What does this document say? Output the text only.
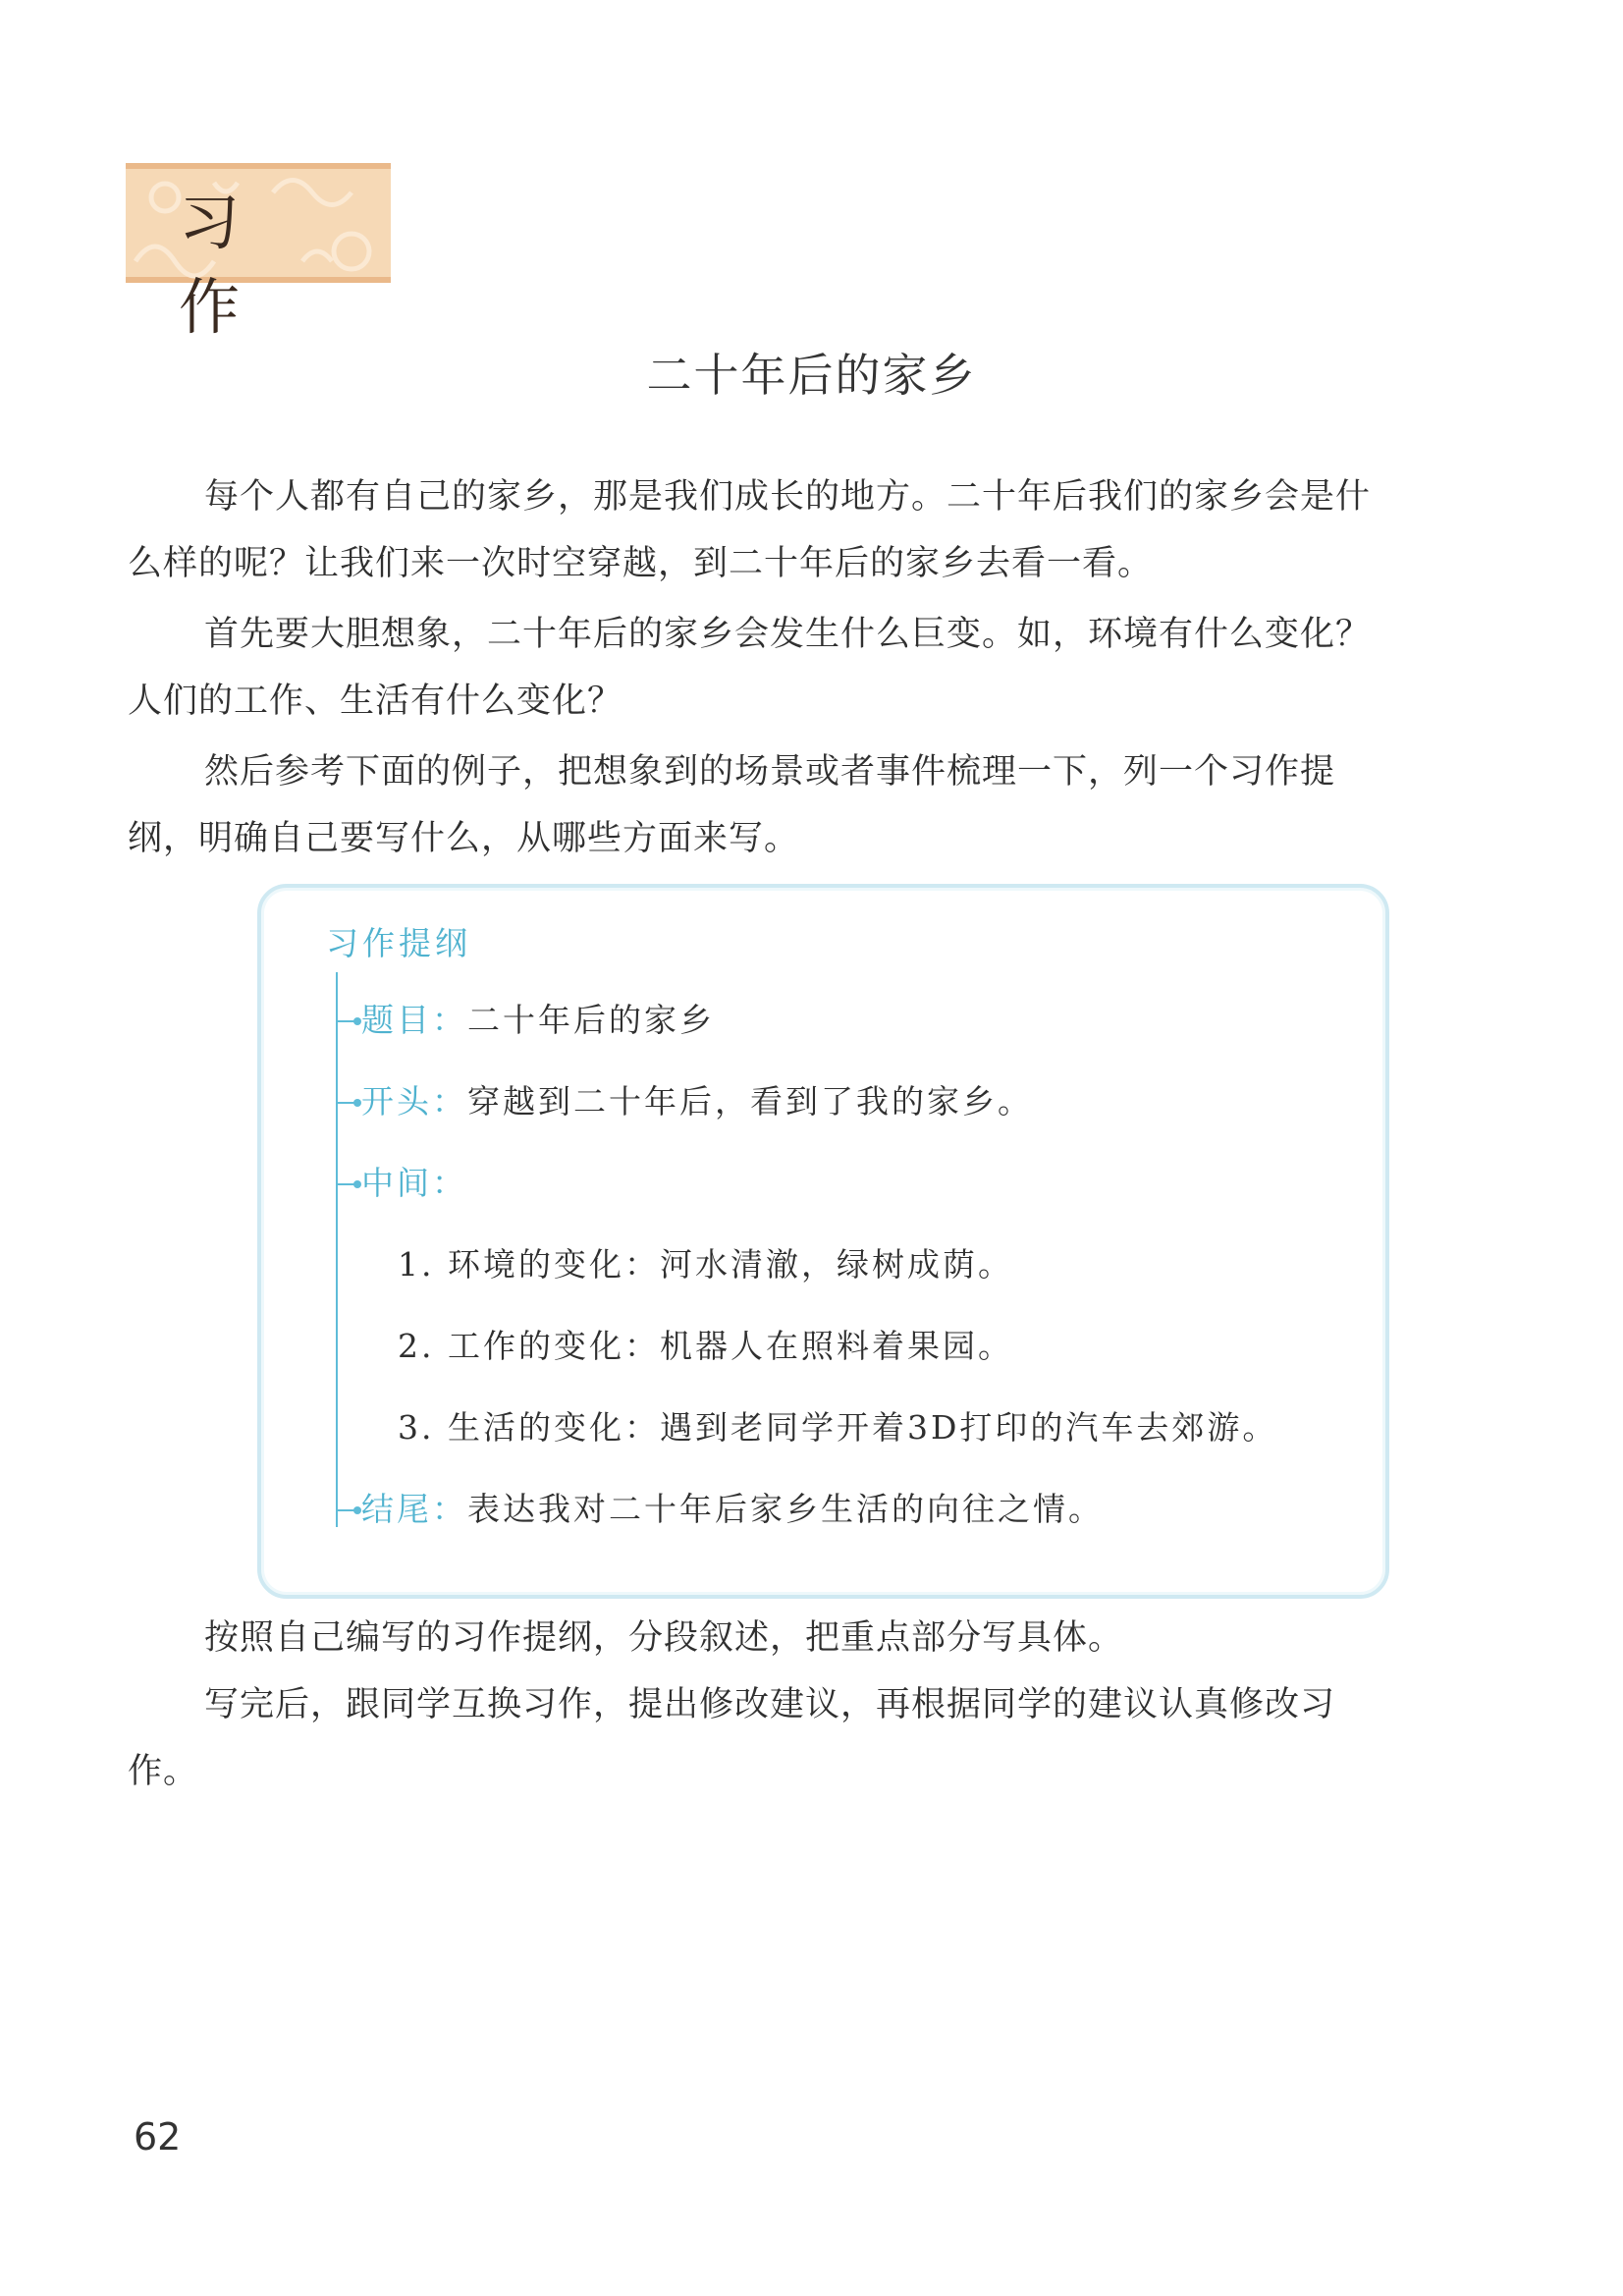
习 作
二十年后的家乡
每个人都有自己的家乡，那是我们成长的地方。二十年后我们的家乡会是什么样的呢？让我们来一次时空穿越，到二十年后的家乡去看一看。
首先要大胆想象，二十年后的家乡会发生什么巨变。如，环境有什么变化？人们的工作、生活有什么变化？
然后参考下面的例子，把想象到的场景或者事件梳理一下，列一个习作提纲，明确自己要写什么，从哪些方面来写。
习作提纲
题目：二十年后的家乡
开头：穿越到二十年后，看到了我的家乡。
中间：
1. 环境的变化：河水清澈，绿树成荫。
2. 工作的变化：机器人在照料着果园。
3. 生活的变化：遇到老同学开着3D打印的汽车去郊游。
结尾：表达我对二十年后家乡生活的向往之情。
按照自己编写的习作提纲，分段叙述，把重点部分写具体。
写完后，跟同学互换习作，提出修改建议，再根据同学的建议认真修改习作。
62
